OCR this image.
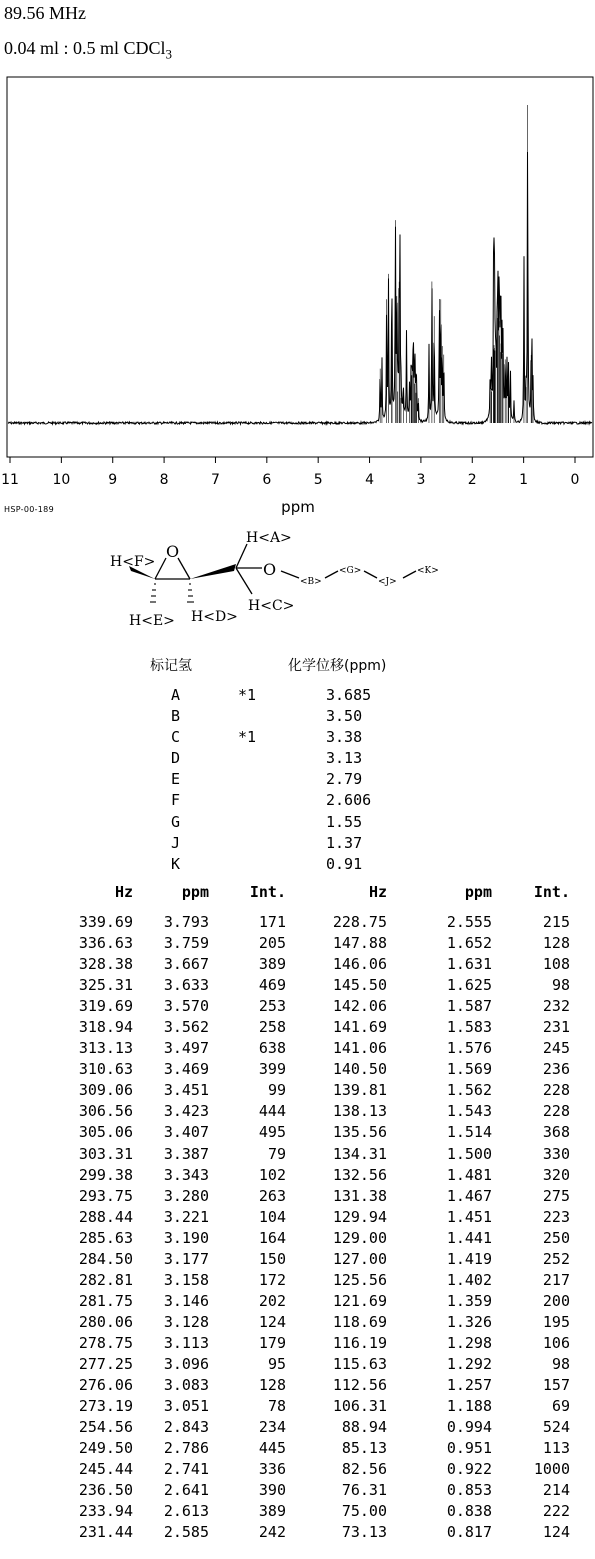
89.56 MHz
0.04 ml : 0.5 ml CDCl$_3$
11 10	9	8	7	6	5	4	3	2	1	0
ppm
HSP-00-189
O
O
H<A>
H<C>
H<D>
H<E>
H<F>
<B>
<G>
<J>
<K>
标记氢	化学位移(ppm)
A	*1	3.685
B	3.50
C	*1	3.38
D	3.13
E	2.79
F	2.606
G	1.55
J	1.37
K	0.91
Hz	ppm	Int.	Hz	ppm	Int.
339.69 3.793	171	228.75	2.555	215
336.63 3.759	205	147.88	1.652	128
328.38 3.667	389	146.06	1.631	108
325.31 3.633	469	145.50	1.625	98
319.69 3.570	253	142.06	1.587	232
318.94 3.562	258	141.69	1.583	231
313.13 3.497	638	141.06	1.576	245
310.63 3.469	399	140.50	1.569	236
309.06 3.451	99	139.81	1.562	228
306.56 3.423	444	138.13	1.543	228
305.06 3.407	495	135.56	1.514	368
303.31 3.387	79	134.31	1.500	330
299.38 3.343	102	132.56	1.481	320
293.75 3.280	263	131.38	1.467	275
288.44 3.221	104	129.94	1.451	223
285.63 3.190	164	129.00	1.441	250
284.50 3.177	150	127.00	1.419	252
282.81 3.158	172	125.56	1.402	217
281.75 3.146	202	121.69	1.359	200
280.06 3.128	124	118.69	1.326	195
278.75 3.113	179	116.19	1.298	106
277.25 3.096	95	115.63	1.292	98
276.06 3.083	128	112.56	1.257	157
273.19 3.051	78	106.31	1.188	69
254.56 2.843	234	88.94	0.994	524
249.50 2.786	445	85.13	0.951	113
245.44 2.741	336	82.56	0.922	1000
236.50 2.641	390	76.31	0.853	214
233.94 2.613	389	75.00	0.838	222
231.44 2.585	242	73.13	0.817	124
